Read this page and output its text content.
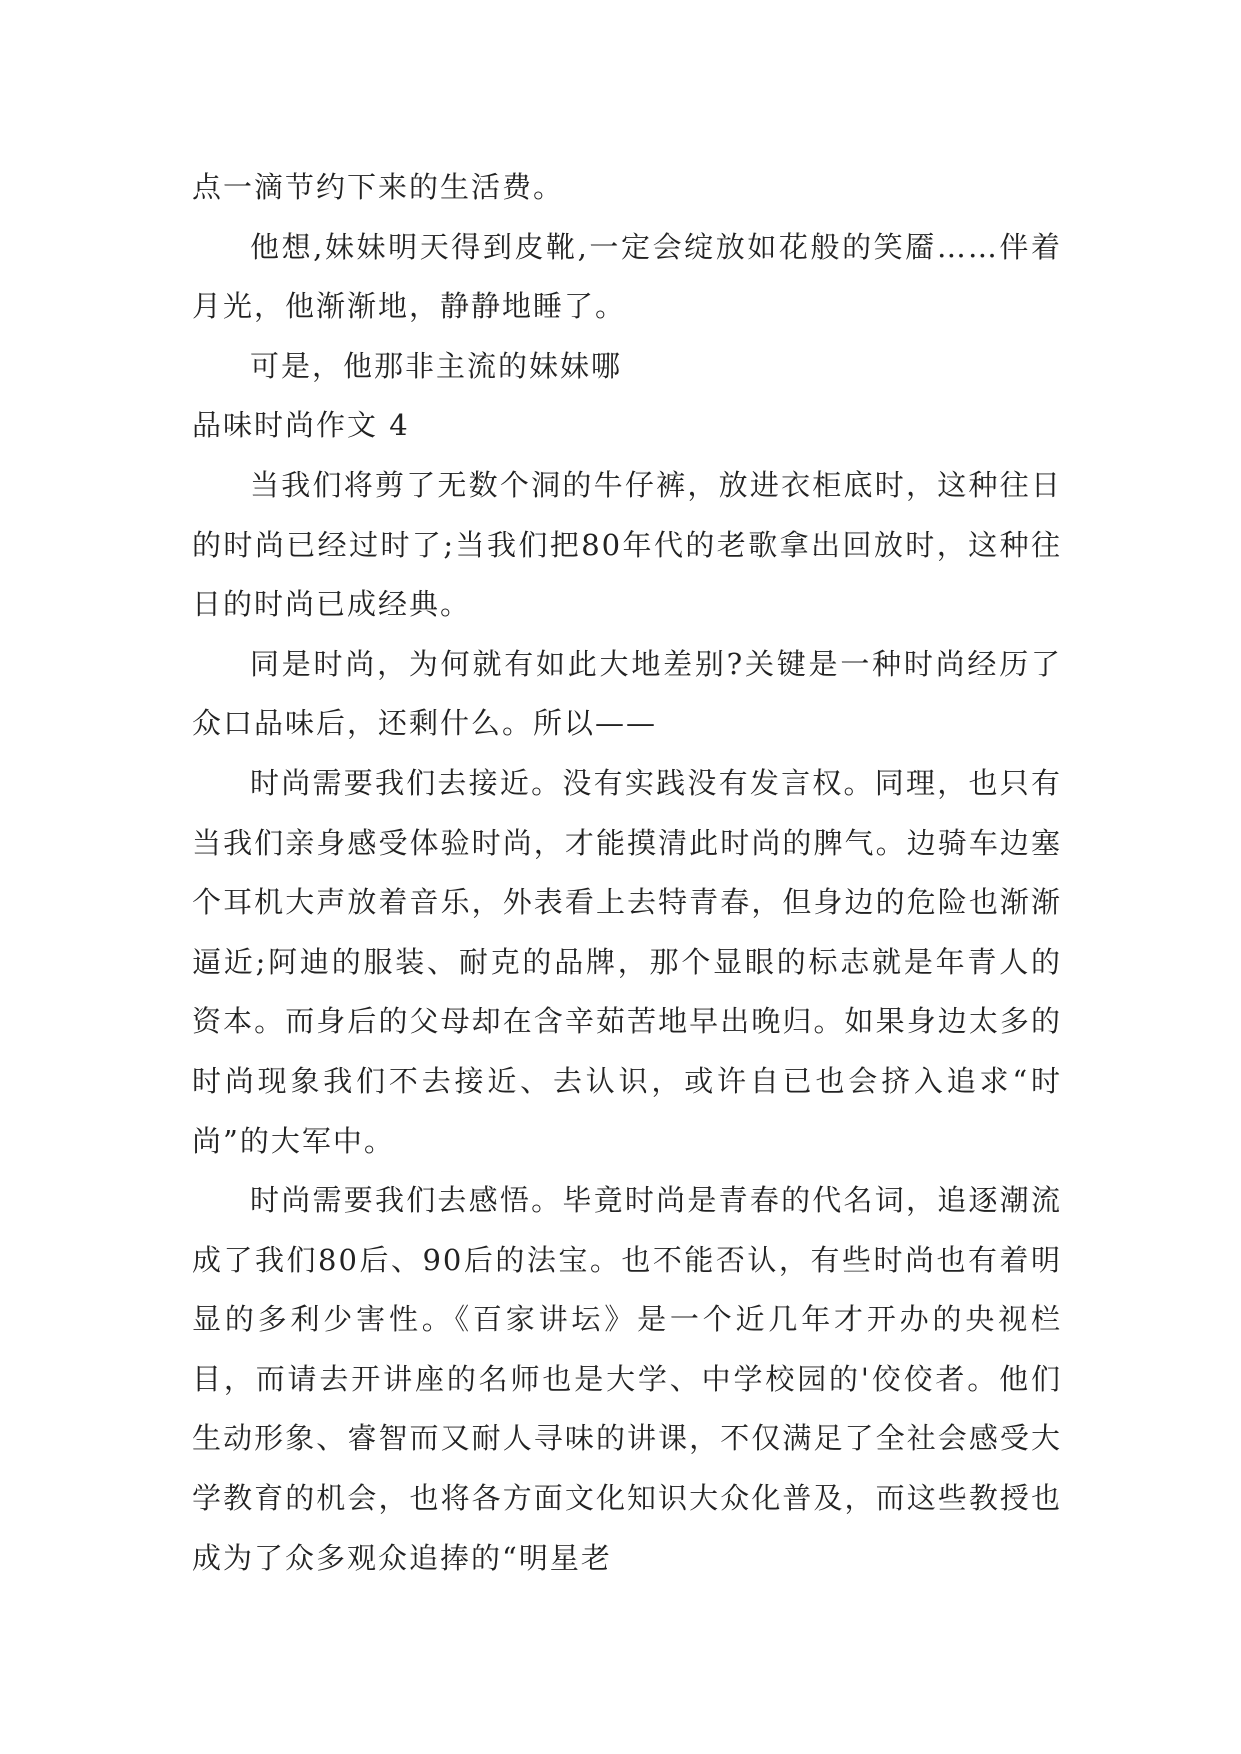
点一滴节约下来的生活费。

他想,妹妹明天得到皮靴,一定会绽放如花般的笑靥……伴着月光，他渐渐地，静静地睡了。

可是，他那非主流的妹妹哪

品味时尚作文 4

当我们将剪了无数个洞的牛仔裤，放进衣柜底时，这种往日的时尚已经过时了;当我们把80年代的老歌拿出回放时，这种往日的时尚已成经典。

同是时尚，为何就有如此大地差别?关键是一种时尚经历了众口品味后，还剩什么。所以——

时尚需要我们去接近。没有实践没有发言权。同理，也只有当我们亲身感受体验时尚，才能摸清此时尚的脾气。边骑车边塞个耳机大声放着音乐，外表看上去特青春，但身边的危险也渐渐逼近;阿迪的服装、耐克的品牌，那个显眼的标志就是年青人的资本。而身后的父母却在含辛茹苦地早出晚归。如果身边太多的时尚现象我们不去接近、去认识，或许自已也会挤入追求“时尚”的大军中。

时尚需要我们去感悟。毕竟时尚是青春的代名词，追逐潮流成了我们80后、90后的法宝。也不能否认，有些时尚也有着明显的多利少害性。《百家讲坛》是一个近几年才开办的央视栏目，而请去开讲座的名师也是大学、中学校园的'佼佼者。他们生动形象、睿智而又耐人寻味的讲课，不仅满足了全社会感受大学教育的机会，也将各方面文化知识大众化普及，而这些教授也成为了众多观众追捧的“明星老
